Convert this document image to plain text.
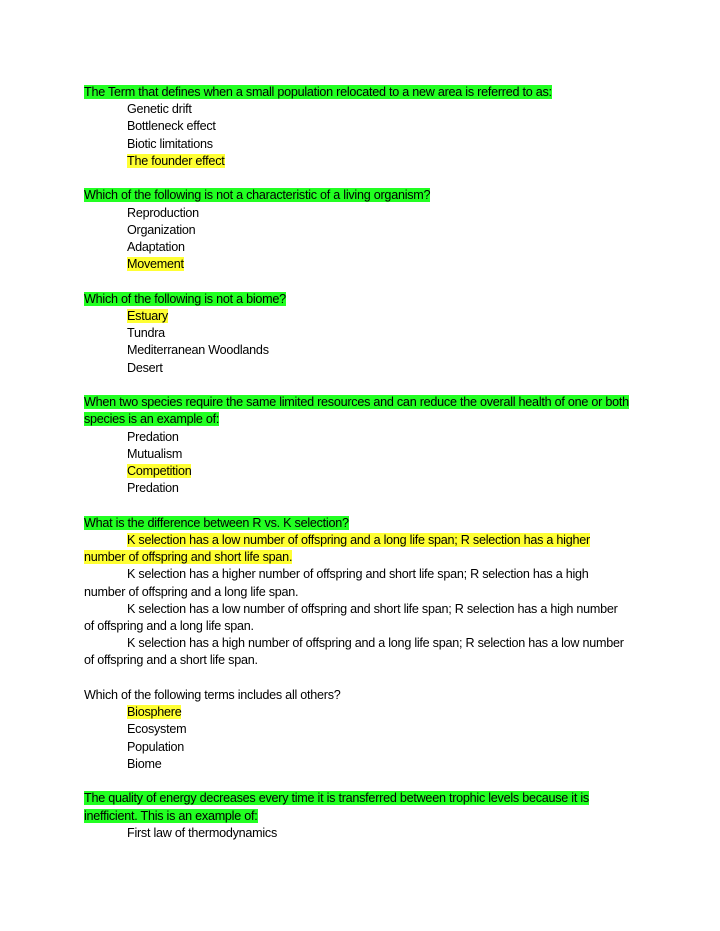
The Term that defines when a small population relocated to a new area is referred to as:
Genetic drift
Bottleneck effect
Biotic limitations
The founder effect
Which of the following is not a characteristic of a living organism?
Reproduction
Organization
Adaptation
Movement
Which of the following is not a biome?
Estuary
Tundra
Mediterranean Woodlands
Desert
When two species require the same limited resources and can reduce the overall health of one or both species is an example of:
Predation
Mutualism
Competition
Predation
What is the difference between R vs. K selection?
K selection has a low number of offspring and a long life span; R selection has a higher number of offspring and short life span.
K selection has a higher number of offspring and short life span; R selection has a high number of offspring and a long life span.
K selection has a low number of offspring and short life span; R selection has a high number of offspring and a long life span.
K selection has a high number of offspring and a long life span; R selection has a low number of offspring and a short life span.
Which of the following terms includes all others?
Biosphere
Ecosystem
Population
Biome
The quality of energy decreases every time it is transferred between trophic levels because it is inefficient. This is an example of:
First law of thermodynamics
